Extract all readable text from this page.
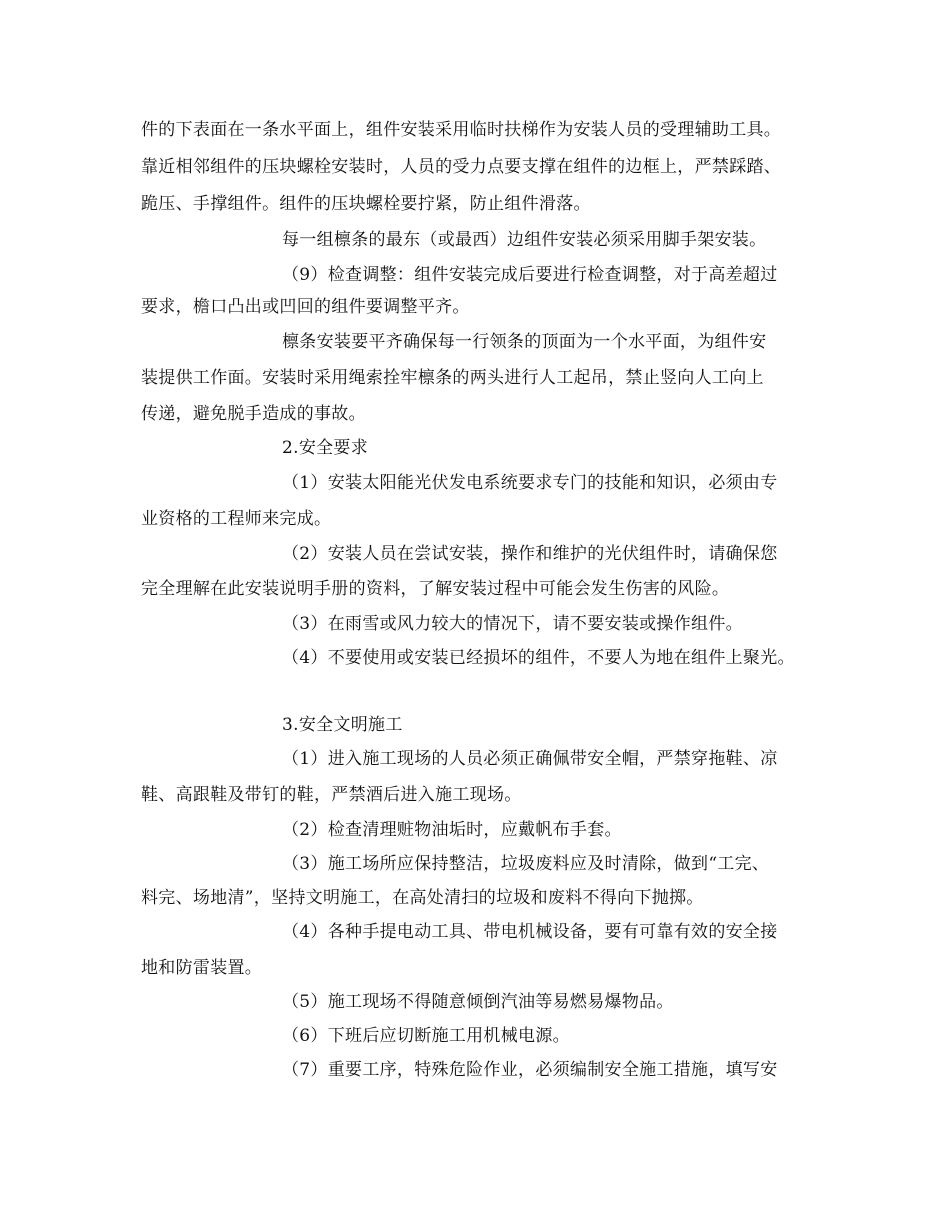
件的下表面在一条水平面上，组件安装采用临时扶梯作为安装人员的受理辅助工具。
靠近相邻组件的压块螺栓安装时，人员的受力点要支撑在组件的边框上，严禁踩踏、
跪压、手撑组件。组件的压块螺栓要拧紧，防止组件滑落。
每一组檩条的最东（或最西）边组件安装必须采用脚手架安装。
（9）检查调整：组件安装完成后要进行检查调整，对于高差超过
要求，檐口凸出或凹回的组件要调整平齐。
檩条安装要平齐确保每一行领条的顶面为一个水平面，为组件安
装提供工作面。安装时采用绳索拴牢檩条的两头进行人工起吊，禁止竖向人工向上
传递，避免脱手造成的事故。
2.安全要求
（1）安装太阳能光伏发电系统要求专门的技能和知识，必须由专
业资格的工程师来完成。
（2）安装人员在尝试安装，操作和维护的光伏组件时，请确保您
完全理解在此安装说明手册的资料，了解安装过程中可能会发生伤害的风险。
（3）在雨雪或风力较大的情况下，请不要安装或操作组件。
（4）不要使用或安装已经损坏的组件，不要人为地在组件上聚光。
3.安全文明施工
（1）进入施工现场的人员必须正确佩带安全帽，严禁穿拖鞋、凉
鞋、高跟鞋及带钉的鞋，严禁酒后进入施工现场。
（2）检查清理赃物油垢时，应戴帆布手套。
（3）施工场所应保持整洁，垃圾废料应及时清除，做到“工完、
料完、场地清”，坚持文明施工，在高处清扫的垃圾和废料不得向下抛掷。
（4）各种手提电动工具、带电机械设备，要有可靠有效的安全接
地和防雷装置。
（5）施工现场不得随意倾倒汽油等易燃易爆物品。
（6）下班后应切断施工用机械电源。
（7）重要工序，特殊危险作业，必须编制安全施工措施，填写安
